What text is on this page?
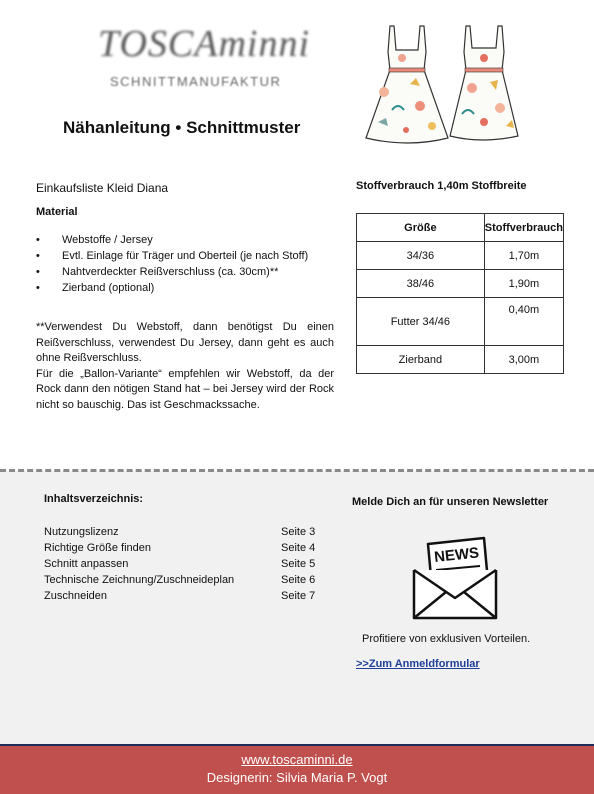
TOSCAminni
SCHNITTMANUFAKTUR
Nähanleitung • Schnittmuster
Einkaufsliste Kleid Diana
Material
• Webstoffe / Jersey
• Evtl. Einlage für Träger und Oberteil (je nach Stoff)
• Nahtverdeckter Reißverschluss (ca. 30cm)**
• Zierband (optional)

**Verwendest Du Webstoff, dann benötigst Du einen Reißverschluss, verwendest Du Jersey, dann geht es auch ohne Reißverschluss.

Für die „Ballon-Variante“ empfehlen wir Webstoff, da der Rock dann den nötigen Stand hat – bei Jersey wird der Rock nicht so bauschig. Das ist Geschmackssache.

Stoffverbrauch 1,40m Stoffbreite
Größe	Stoffverbrauch
34/36	1,70m
38/46	1,90m
Futter 34/46	0,40m
Zierband	3,00m
Inhaltsverzeichnis:
Nutzungslizenz	Seite 3
Richtige Größe finden	Seite 4
Schnitt anpassen	Seite 5
Technische Zeichnung/Zuschneideplan	Seite 6
Zuschneiden	Seite 7
Melde Dich an für unseren Newsletter
NEWS
Profitiere von exklusiven Vorteilen.
>>Zum Anmeldformular
www.toscaminni.de
Designerin: Silvia Maria P. Vogt
